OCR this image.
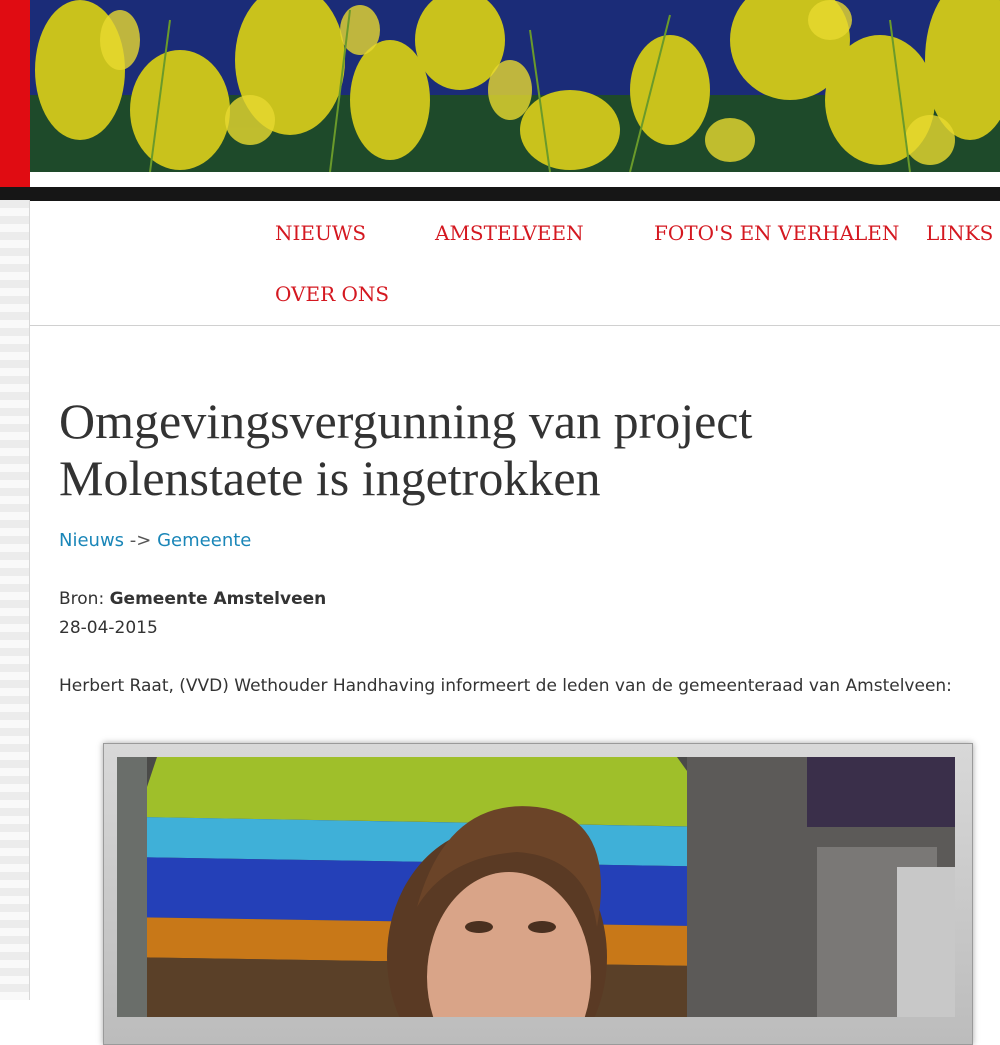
NIEUWS	AMSTELVEEN	FOTO'S EN VERHALEN LINKS
OVER ONS
Omgevingsvergunning van project Molenstaete is ingetrokken
Nieuws -> Gemeente
Bron: Gemeente Amstelveen
28-04-2015

Herbert Raat, (VVD) Wethouder Handhaving informeert de leden van de gemeenteraad van Amstelveen:
